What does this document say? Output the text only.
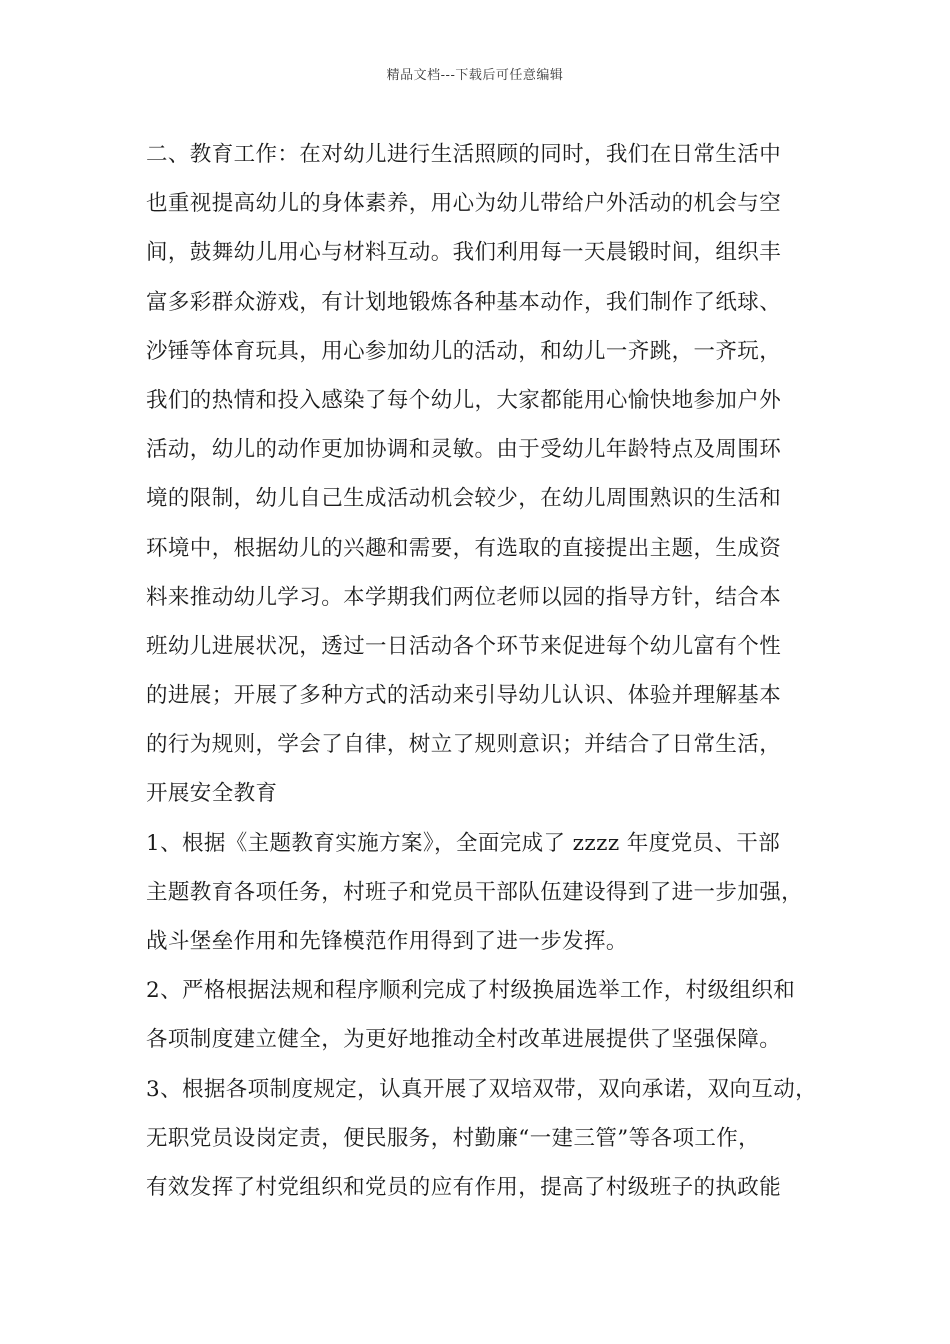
精品文档---下载后可任意编辑
二、教育工作：在对幼儿进行生活照顾的同时，我们在日常生活中
也重视提高幼儿的身体素养，用心为幼儿带给户外活动的机会与空
间，鼓舞幼儿用心与材料互动。我们利用每一天晨锻时间，组织丰
富多彩群众游戏，有计划地锻炼各种基本动作，我们制作了纸球、
沙锤等体育玩具，用心参加幼儿的活动，和幼儿一齐跳，一齐玩，
我们的热情和投入感染了每个幼儿，大家都能用心愉快地参加户外
活动，幼儿的动作更加协调和灵敏。由于受幼儿年龄特点及周围环
境的限制，幼儿自己生成活动机会较少，在幼儿周围熟识的生活和
环境中，根据幼儿的兴趣和需要，有选取的直接提出主题，生成资
料来推动幼儿学习。本学期我们两位老师以园的指导方针，结合本
班幼儿进展状况，透过一日活动各个环节来促进每个幼儿富有个性
的进展；开展了多种方式的活动来引导幼儿认识、体验并理解基本
的行为规则，学会了自律，树立了规则意识；并结合了日常生活，
开展安全教育
1、根据《主题教育实施方案》，全面完成了 zzzz 年度党员、干部
主题教育各项任务，村班子和党员干部队伍建设得到了进一步加强，
战斗堡垒作用和先锋模范作用得到了进一步发挥。
2、严格根据法规和程序顺利完成了村级换届选举工作，村级组织和
各项制度建立健全，为更好地推动全村改革进展提供了坚强保障。
3、根据各项制度规定，认真开展了双培双带，双向承诺，双向互动，
无职党员设岗定责，便民服务，村勤廉“一建三管”等各项工作，
有效发挥了村党组织和党员的应有作用，提高了村级班子的执政能
